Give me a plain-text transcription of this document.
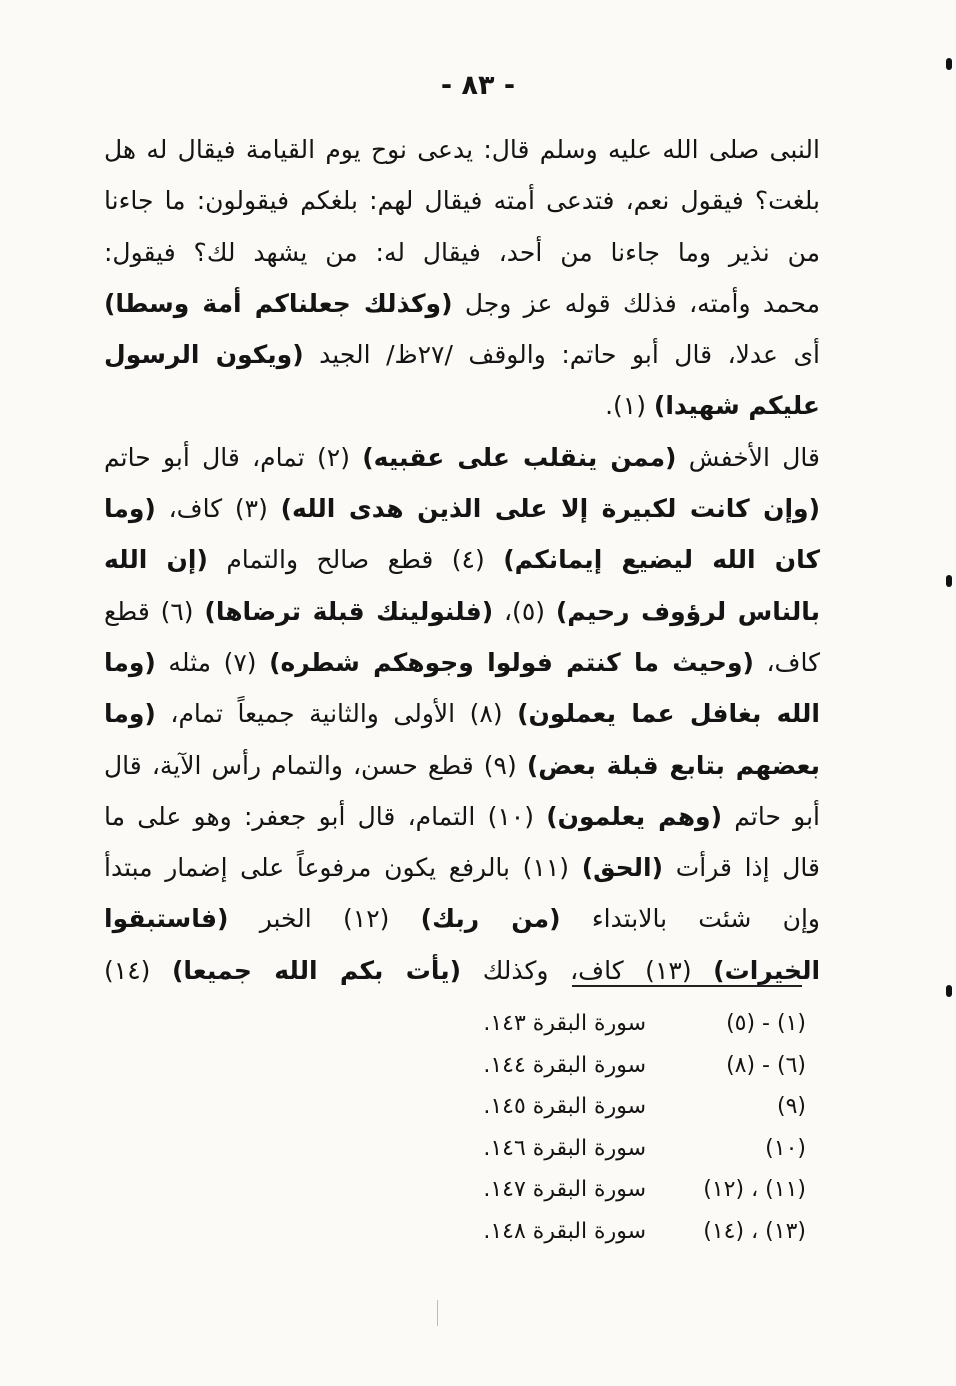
- ٨٣ -
النبى صلى الله عليه وسلم قال: يدعى نوح يوم القيامة فيقال له هل
بلغت؟ فيقول نعم، فتدعى أمته فيقال لهم: بلغكم فيقولون: ما جاءنا
من نذير وما جاءنا من أحد، فيقال له: من يشهد لك؟ فيقول:
محمد وأمته، فذلك قوله عز وجل (وكذلك جعلناكم أمة وسطا)
أى عدلا، قال أبو حاتم: والوقف /٢٧ظ/ الجيد (ويكون الرسول
عليكم شهيدا) (١).
قال الأخفش (ممن ينقلب على عقبيه) (٢) تمام، قال أبو حاتم
(وإن كانت لكبيرة إلا على الذين هدى الله) (٣) كاف، (وما
كان الله ليضيع إيمانكم) (٤) قطع صالح والتمام (إن الله
بالناس لرؤوف رحيم) (٥)، (فلنولينك قبلة ترضاها) (٦) قطع
كاف، (وحيث ما كنتم فولوا وجوهكم شطره) (٧) مثله (وما
الله بغافل عما يعملون) (٨) الأولى والثانية جميعاً تمام، (وما
بعضهم بتابع قبلة بعض) (٩) قطع حسن، والتمام رأس الآية، قال
أبو حاتم (وهم يعلمون) (١٠) التمام، قال أبو جعفر: وهو على ما
قال إذا قرأت (الحق) (١١) بالرفع يكون مرفوعاً على إضمار مبتدأ
وإن شئت بالابتداء (من ربك) (١٢) الخبر (فاستبقوا
الخيرات) (١٣) كاف، وكذلك (يأت بكم الله جميعا) (١٤)
(١) - (٥)
سورة البقرة ١٤٣.
(٦) - (٨)
سورة البقرة ١٤٤.
(٩)
سورة البقرة ١٤٥.
(١٠)
سورة البقرة ١٤٦.
(١١) ، (١٢)
سورة البقرة ١٤٧.
(١٣) ، (١٤)
سورة البقرة ١٤٨.
